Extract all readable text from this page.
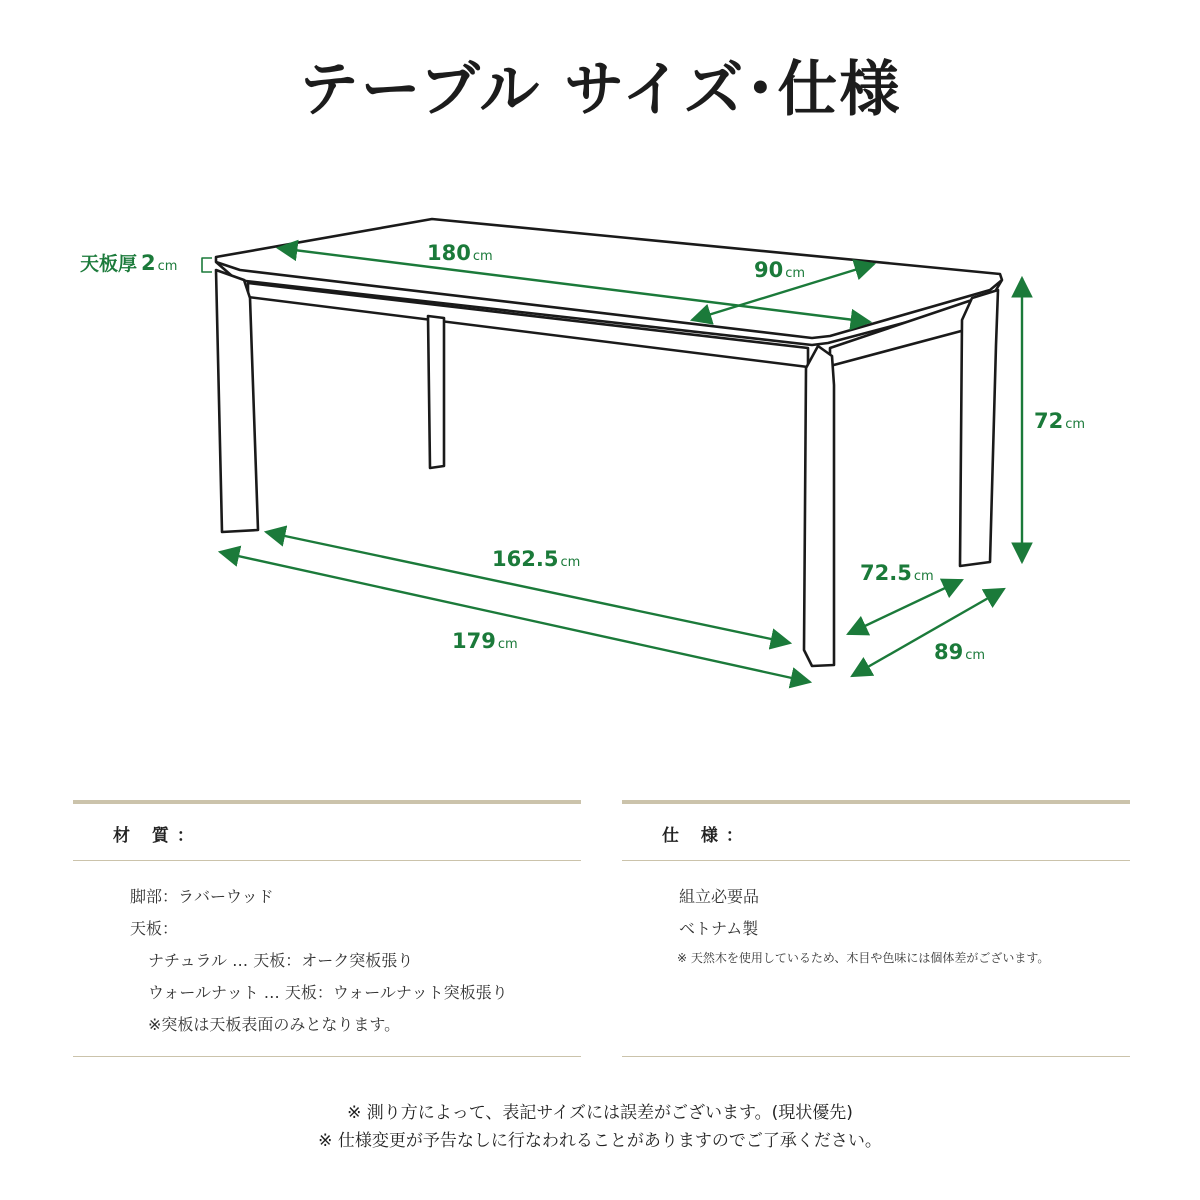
テーブル サイズ･仕様
天板厚 2 cm
180 cm
90 cm
72 cm
162.5 cm
179 cm
72.5 cm
89 cm
材 質：
脚部：ラバーウッド
天板：
ナチュラル … 天板：オーク突板張り
ウォールナット … 天板：ウォールナット突板張り
※突板は天板表面のみとなります。
仕 様：
組立必要品
ベトナム製
※ 天然木を使用しているため、木目や色味には個体差がございます。
※ 測り方によって、表記サイズには誤差がございます。(現状優先)
※ 仕様変更が予告なしに行なわれることがありますのでご了承ください。
